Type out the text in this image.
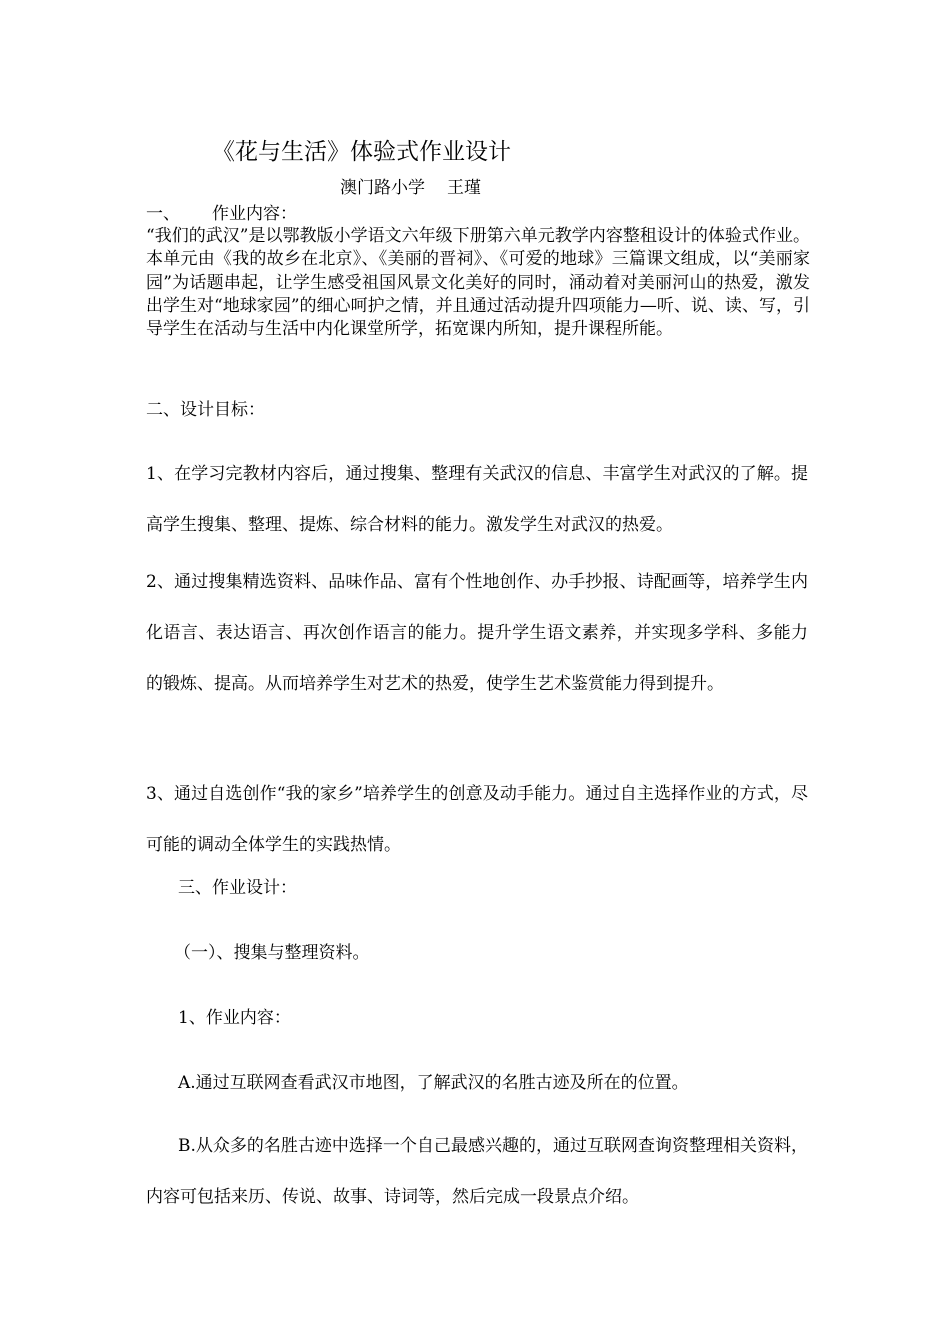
《花与生活》体验式作业设计
澳门路小学 王瑾
一、 作业内容：

“我们的武汉”是以鄂教版小学语文六年级下册第六单元教学内容整租设计的体验式作业。本单元由《我的故乡在北京》、《美丽的晋祠》、《可爱的地球》三篇课文组成，以“美丽家园”为话题串起，让学生感受祖国风景文化美好的同时，涌动着对美丽河山的热爱，激发出学生对“地球家园”的细心呵护之情，并且通过活动提升四项能力—听、说、读、写，引导学生在活动与生活中内化课堂所学，拓宽课内所知，提升课程所能。

二、设计目标：

1、在学习完教材内容后，通过搜集、整理有关武汉的信息、丰富学生对武汉的了解。提高学生搜集、整理、提炼、综合材料的能力。激发学生对武汉的热爱。

2、通过搜集精选资料、品味作品、富有个性地创作、办手抄报、诗配画等，培养学生内化语言、表达语言、再次创作语言的能力。提升学生语文素养，并实现多学科、多能力的锻炼、提高。从而培养学生对艺术的热爱，使学生艺术鉴赏能力得到提升。

3、通过自选创作“我的家乡”培养学生的创意及动手能力。通过自主选择作业的方式，尽可能的调动全体学生的实践热情。

三、作业设计：
（一）、搜集与整理资料。
1、作业内容：
A.通过互联网查看武汉市地图，了解武汉的名胜古迹及所在的位置。

B.从众多的名胜古迹中选择一个自己最感兴趣的，通过互联网查询资整理相关资料，内容可包括来历、传说、故事、诗词等，然后完成一段景点介绍。
